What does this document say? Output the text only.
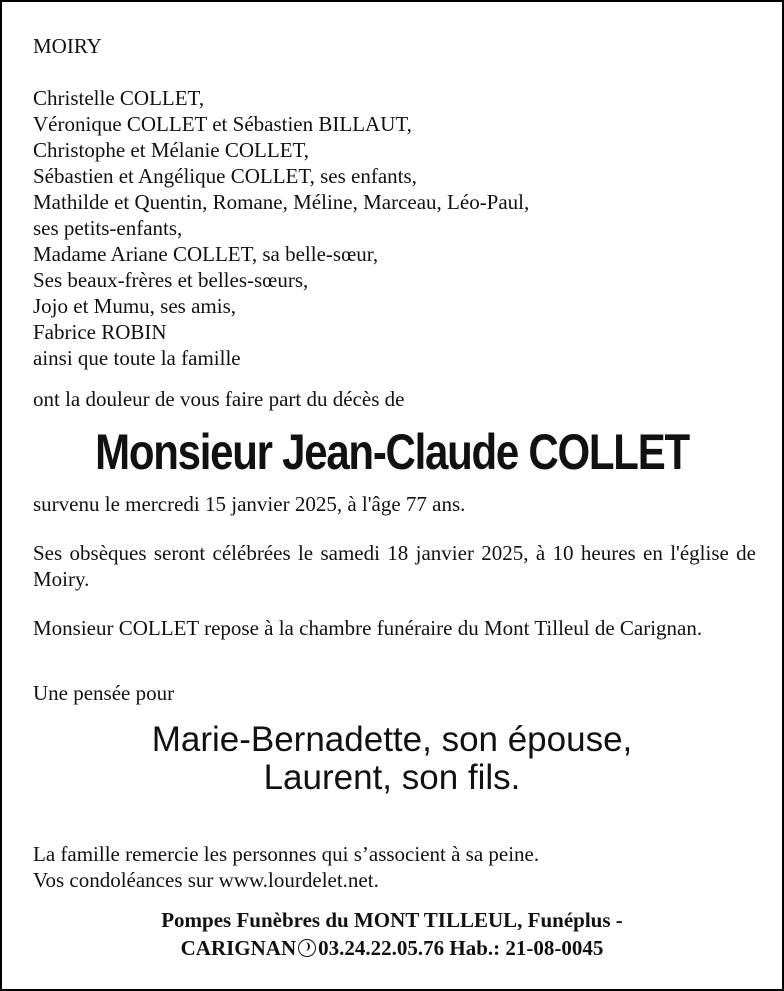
MOIRY
Christelle COLLET,
Véronique COLLET et Sébastien BILLAUT,
Christophe et Mélanie COLLET,
Sébastien et Angélique COLLET, ses enfants,
Mathilde et Quentin, Romane, Méline, Marceau, Léo-Paul,
ses petits-enfants,
Madame Ariane COLLET, sa belle-sœur,
Ses beaux-frères et belles-sœurs,
Jojo et Mumu, ses amis,
Fabrice ROBIN
ainsi que toute la famille
ont la douleur de vous faire part du décès de
Monsieur Jean-Claude COLLET
survenu le mercredi 15 janvier 2025, à l'âge 77 ans.
Ses obsèques seront célébrées le samedi 18 janvier 2025, à 10 heures en l'église de Moiry.
Monsieur COLLET repose à la chambre funéraire du Mont Tilleul de Carignan.
Une pensée pour
Marie-Bernadette, son épouse,
Laurent, son fils.
La famille remercie les personnes qui s’associent à sa peine.
Vos condoléances sur www.lourdelet.net.
Pompes Funèbres du MONT TILLEUL, Funéplus -
CARIGNAN 03.24.22.05.76 Hab.: 21-08-0045
